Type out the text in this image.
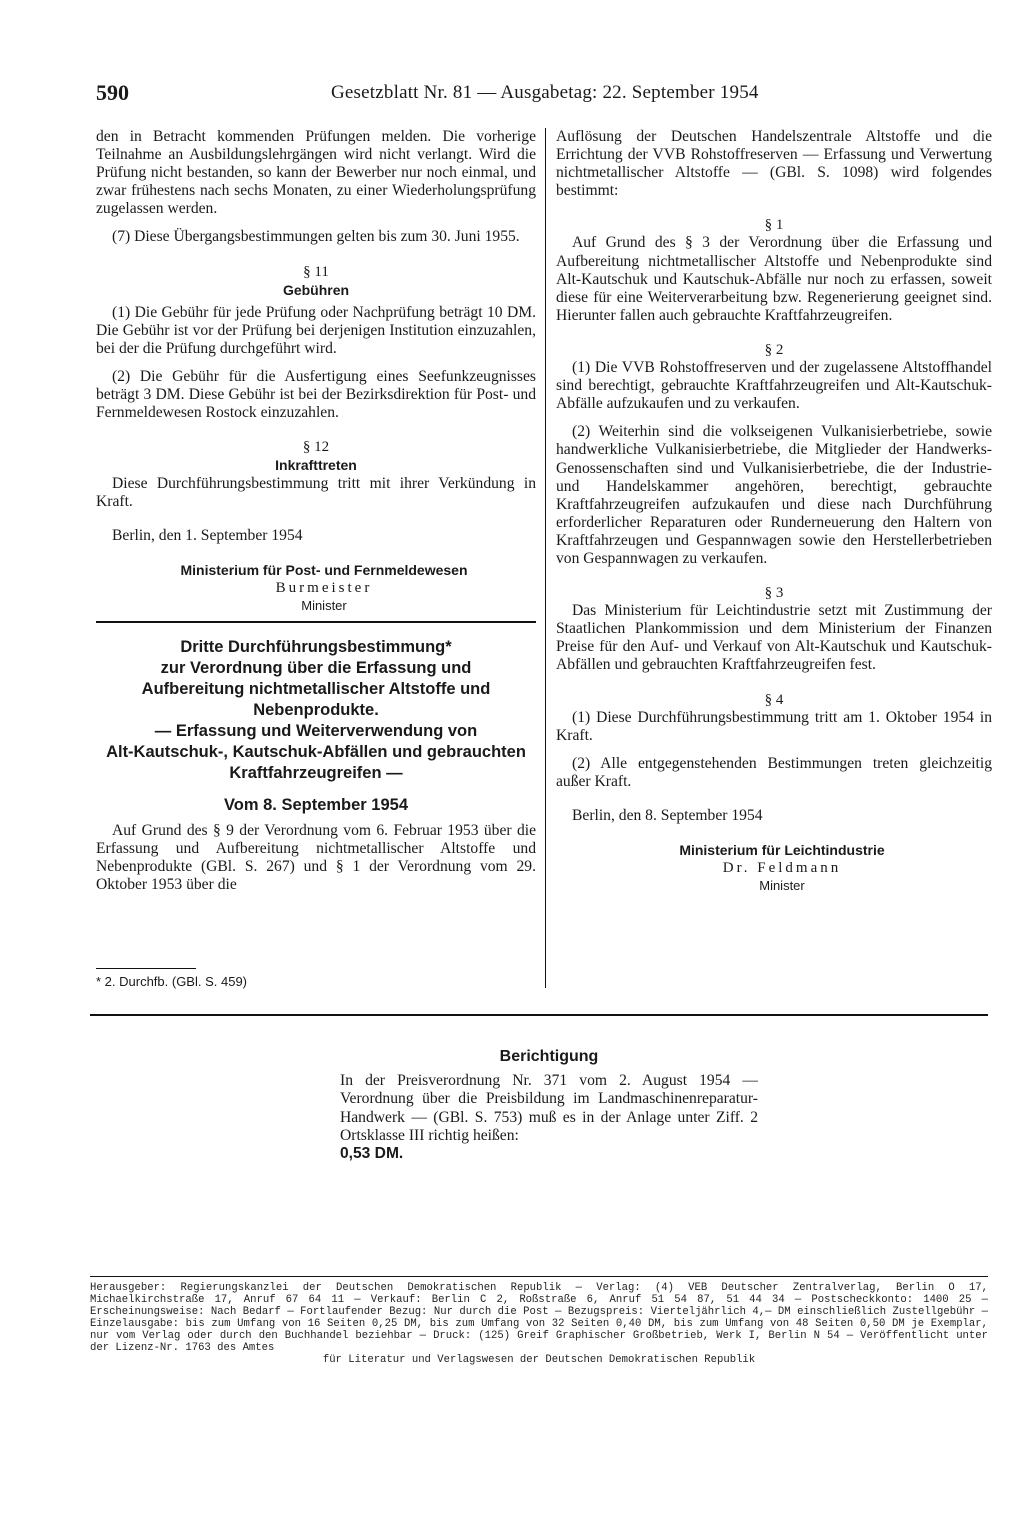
590	Gesetzblatt Nr. 81 — Ausgabetag: 22. September 1954

den in Betracht kommenden Prüfungen melden. Die vorherige Teilnahme an Ausbildungslehrgängen wird nicht verlangt. Wird die Prüfung nicht bestanden, so kann der Bewerber nur noch einmal, und zwar frühestens nach sechs Monaten, zu einer Wiederholungsprüfung zugelassen werden.

(7) Diese Übergangsbestimmungen gelten bis zum 30. Juni 1955.

§ 11

Gebühren

(1) Die Gebühr für jede Prüfung oder Nachprüfung beträgt 10 DM. Die Gebühr ist vor der Prüfung bei derjenigen Institution einzuzahlen, bei der die Prüfung durchgeführt wird.

(2) Die Gebühr für die Ausfertigung eines Seefunkzeugnisses beträgt 3 DM. Diese Gebühr ist bei der Bezirksdirektion für Post- und Fernmeldewesen Rostock einzuzahlen.

§ 12

Inkrafttreten

Diese Durchführungsbestimmung tritt mit ihrer Verkündung in Kraft.

Berlin, den 1. September 1954

Ministerium für Post- und Fernmeldewesen

Burmeister

Minister

Dritte Durchführungsbestimmung*
zur Verordnung über die Erfassung und
Aufbereitung nichtmetallischer Altstoffe und
Nebenprodukte.
— Erfassung und Weiterverwendung von
Alt-Kautschuk-, Kautschuk-Abfällen und gebrauchten
Kraftfahrzeugreifen —
Vom 8. September 1954

Auf Grund des § 9 der Verordnung vom 6. Februar 1953 über die Erfassung und Aufbereitung nichtmetallischer Altstoffe und Nebenprodukte (GBl. S. 267) und § 1 der Verordnung vom 29. Oktober 1953 über die

* 2. Durchfb. (GBl. S. 459)

Auflösung der Deutschen Handelszentrale Altstoffe und die Errichtung der VVB Rohstoffreserven — Erfassung und Verwertung nichtmetallischer Altstoffe — (GBl. S. 1098) wird folgendes bestimmt:

§ 1

Auf Grund des § 3 der Verordnung über die Erfassung und Aufbereitung nichtmetallischer Altstoffe und Nebenprodukte sind Alt-Kautschuk und Kautschuk-Abfälle nur noch zu erfassen, soweit diese für eine Weiterverarbeitung bzw. Regenerierung geeignet sind. Hierunter fallen auch gebrauchte Kraftfahrzeugreifen.

§ 2

(1) Die VVB Rohstoffreserven und der zugelassene Altstoffhandel sind berechtigt, gebrauchte Kraftfahrzeugreifen und Alt-Kautschuk-Abfälle aufzukaufen und zu verkaufen.

(2) Weiterhin sind die volkseigenen Vulkanisierbetriebe, sowie handwerkliche Vulkanisierbetriebe, die Mitglieder der Handwerks-Genossenschaften sind und Vulkanisierbetriebe, die der Industrie- und Handelskammer angehören, berechtigt, gebrauchte Kraftfahrzeugreifen aufzukaufen und diese nach Durchführung erforderlicher Reparaturen oder Runderneuerung den Haltern von Kraftfahrzeugen und Gespannwagen sowie den Herstellerbetrieben von Gespannwagen zu verkaufen.

§ 3

Das Ministerium für Leichtindustrie setzt mit Zustimmung der Staatlichen Plankommission und dem Ministerium der Finanzen Preise für den Auf- und Verkauf von Alt-Kautschuk und Kautschuk-Abfällen und gebrauchten Kraftfahrzeugreifen fest.

§ 4

(1) Diese Durchführungsbestimmung tritt am 1. Oktober 1954 in Kraft.

(2) Alle entgegenstehenden Bestimmungen treten gleichzeitig außer Kraft.

Berlin, den 8. September 1954

Ministerium für Leichtindustrie

Dr. Feldmann

Minister

Berichtigung

In der Preisverordnung Nr. 371 vom 2. August 1954 — Verordnung über die Preisbildung im Landmaschinenreparatur-Handwerk — (GBl. S. 753) muß es in der Anlage unter Ziff. 2 Ortsklasse III richtig heißen:
0,53 DM.

Herausgeber: Regierungskanzlei der Deutschen Demokratischen Republik — Verlag: (4) VEB Deutscher Zentralverlag, Berlin O 17, Michaelkirchstraße 17, Anruf 67 64 11 — Verkauf: Berlin C 2, Roßstraße 6, Anruf 51 54 87, 51 44 34 — Postscheckkonto: 1400 25 — Erscheinungsweise: Nach Bedarf — Fortlaufender Bezug: Nur durch die Post — Bezugspreis: Vierteljährlich 4,— DM einschließlich Zustellgebühr — Einzelausgabe: bis zum Umfang von 16 Seiten 0,25 DM, bis zum Umfang von 32 Seiten 0,40 DM, bis zum Umfang von 48 Seiten 0,50 DM je Exemplar, nur vom Verlag oder durch den Buchhandel beziehbar — Druck: (125) Greif Graphischer Großbetrieb, Werk I, Berlin N 54 — Veröffentlicht unter der Lizenz-Nr. 1763 des Amtes
für Literatur und Verlagswesen der Deutschen Demokratischen Republik
